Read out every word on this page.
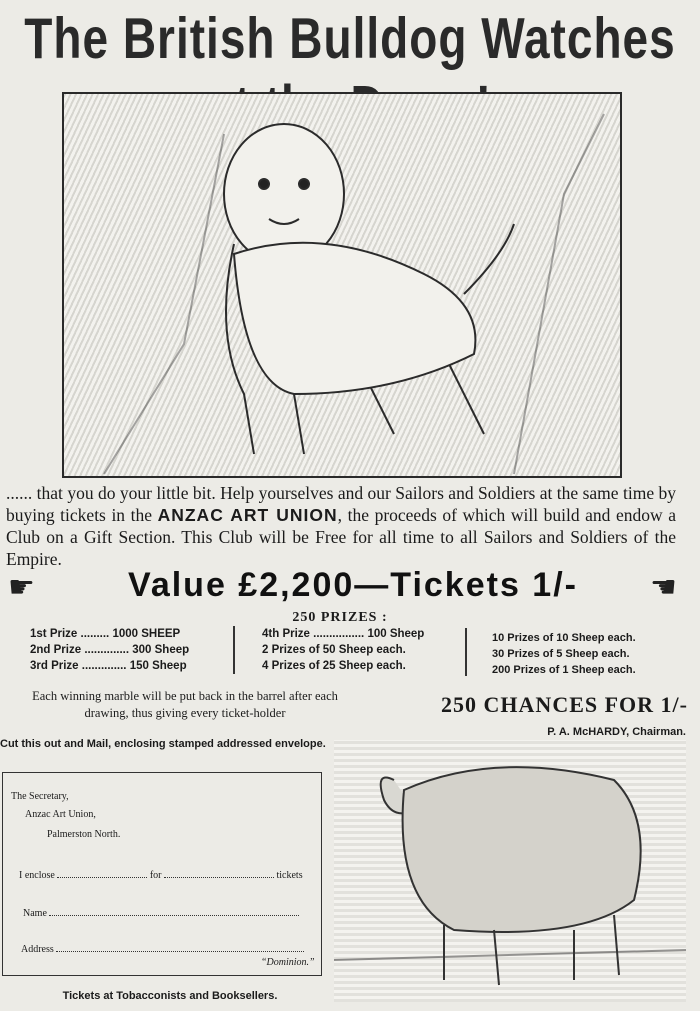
The British Bulldog Watches
...... that you do your little bit. Help yourselves and our Sailors and Soldiers at the same time by buying tickets in the ANZAC ART UNION, the proceeds of which will build and endow a Club on a Gift Section. This Club will be Free for all time to all Sailors and Soldiers of the Empire.
☛	Value £2,200—Tickets 1/-	☚
250 PRIZES :
1st Prize ......... 1000 SHEEP
2nd Prize .............. 300 Sheep
3rd Prize .............. 150 Sheep
4th Prize ................ 100 Sheep
2 Prizes of 50 Sheep each.
4 Prizes of 25 Sheep each.
10 Prizes of 10 Sheep each.
30 Prizes of 5 Sheep each.
200 Prizes of 1 Sheep each.
Each winning marble will be put back in the barrel after each drawing, thus giving every ticket-holder	250 CHANCES FOR 1/-
P. A. McHARDY, Chairman.
Cut this out and Mail, enclosing stamped addressed envelope.
The Secretary,
Anzac Art Union,
Palmerston North.
I enclose	for	tickets
Name
Address
“Dominion.”
Tickets at Tobacconists and Booksellers.
